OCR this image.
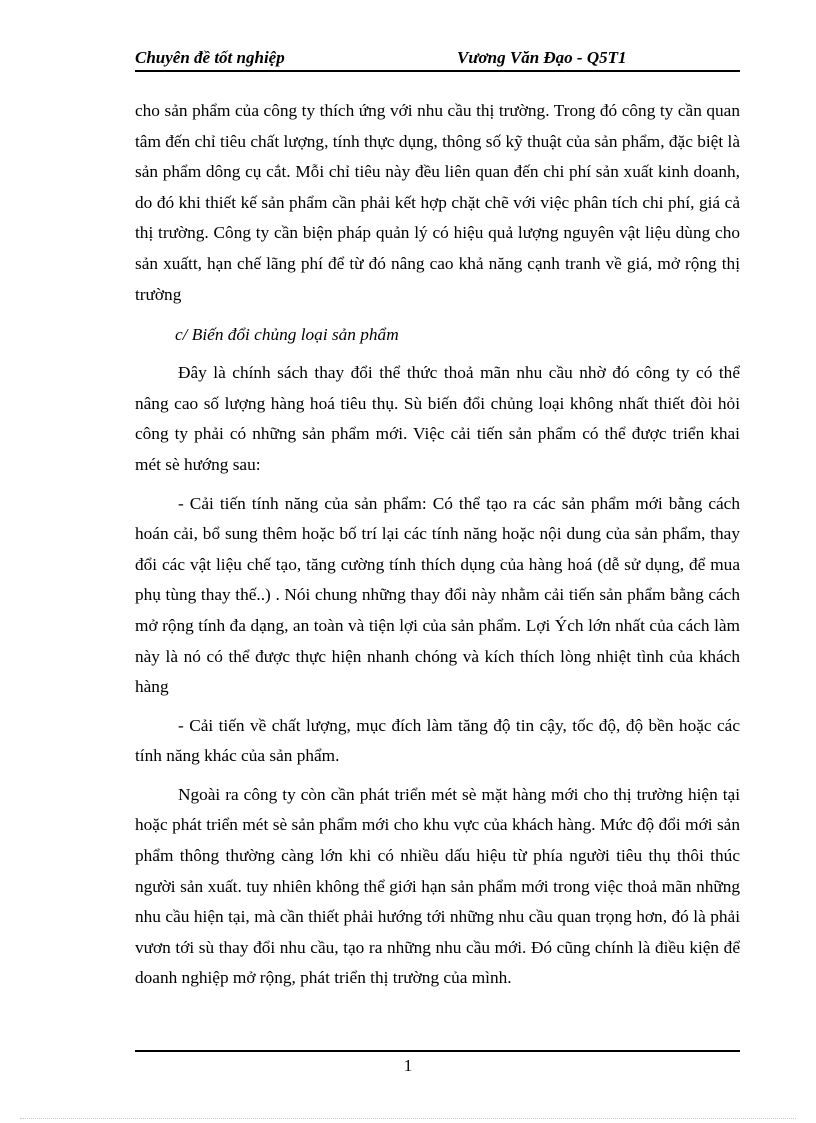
Chuyên đề tốt nghiệp	Vương Văn Đạo - Q5T1

cho sản phẩm của công ty thích ứng với nhu cầu thị trường. Trong đó công ty cần quan tâm đến chỉ tiêu chất lượng, tính thực dụng, thông số kỹ thuật của sản phẩm, đặc biệt là sản phẩm dông cụ cắt. Mỗi chỉ tiêu này đều liên quan đến chi phí sản xuất kinh doanh, do đó khi thiết kế sản phẩm cần phải kết hợp chặt chẽ với việc phân tích chi phí, giá cả thị trường. Công ty cần biện pháp quản lý có hiệu quả lượng nguyên vật liệu dùng cho sản xuấtt, hạn chế lãng phí để từ đó nâng cao khả năng cạnh tranh về giá, mở rộng thị trường

c/ Biến đổi chủng loại sản phẩm

Đây là chính sách thay đổi thể thức thoả mãn nhu cầu nhờ đó công ty có thể nâng cao số lượng hàng hoá tiêu thụ. Sù biến đổi chủng loại không nhất thiết đòi hỏi công ty phải có những sản phẩm mới. Việc cải tiến sản phẩm có thể được triển khai mét sè hướng sau:

- Cải tiến tính năng của sản phẩm: Có thể tạo ra các sản phẩm mới bằng cách hoán cải, bổ sung thêm hoặc bố trí lại các tính năng hoặc nội dung của sản phẩm, thay đổi các vật liệu chế tạo, tăng cường tính thích dụng của hàng hoá (dễ sử dụng, để mua phụ tùng thay thế..) . Nói chung những thay đổi này nhằm cải tiến sản phẩm bằng cách mở rộng tính đa dạng, an toàn và tiện lợi của sản phẩm. Lợi Ých lớn nhất của cách làm này là nó có thể được thực hiện nhanh chóng và kích thích lòng nhiệt tình của khách hàng

- Cải tiến về chất lượng, mục đích làm tăng độ tin cậy, tốc độ, độ bền hoặc các tính năng khác của sản phẩm.

Ngoài ra công ty còn cần phát triển mét sè mặt hàng mới cho thị trường hiện tại hoặc phát triển mét sè sản phẩm mới cho khu vực của khách hàng. Mức độ đổi mới sản phẩm thông thường càng lớn khi có nhiều dấu hiệu từ phía người tiêu thụ thôi thúc người sản xuất. tuy nhiên không thể giới hạn sản phẩm mới trong việc thoả mãn những nhu cầu hiện tại, mà cần thiết phải hướng tới những nhu cầu quan trọng hơn, đó là phải vươn tới sù thay đổi nhu cầu, tạo ra những nhu cầu mới. Đó cũng chính là điều kiện để doanh nghiệp mở rộng, phát triển thị trường của mình.

1
